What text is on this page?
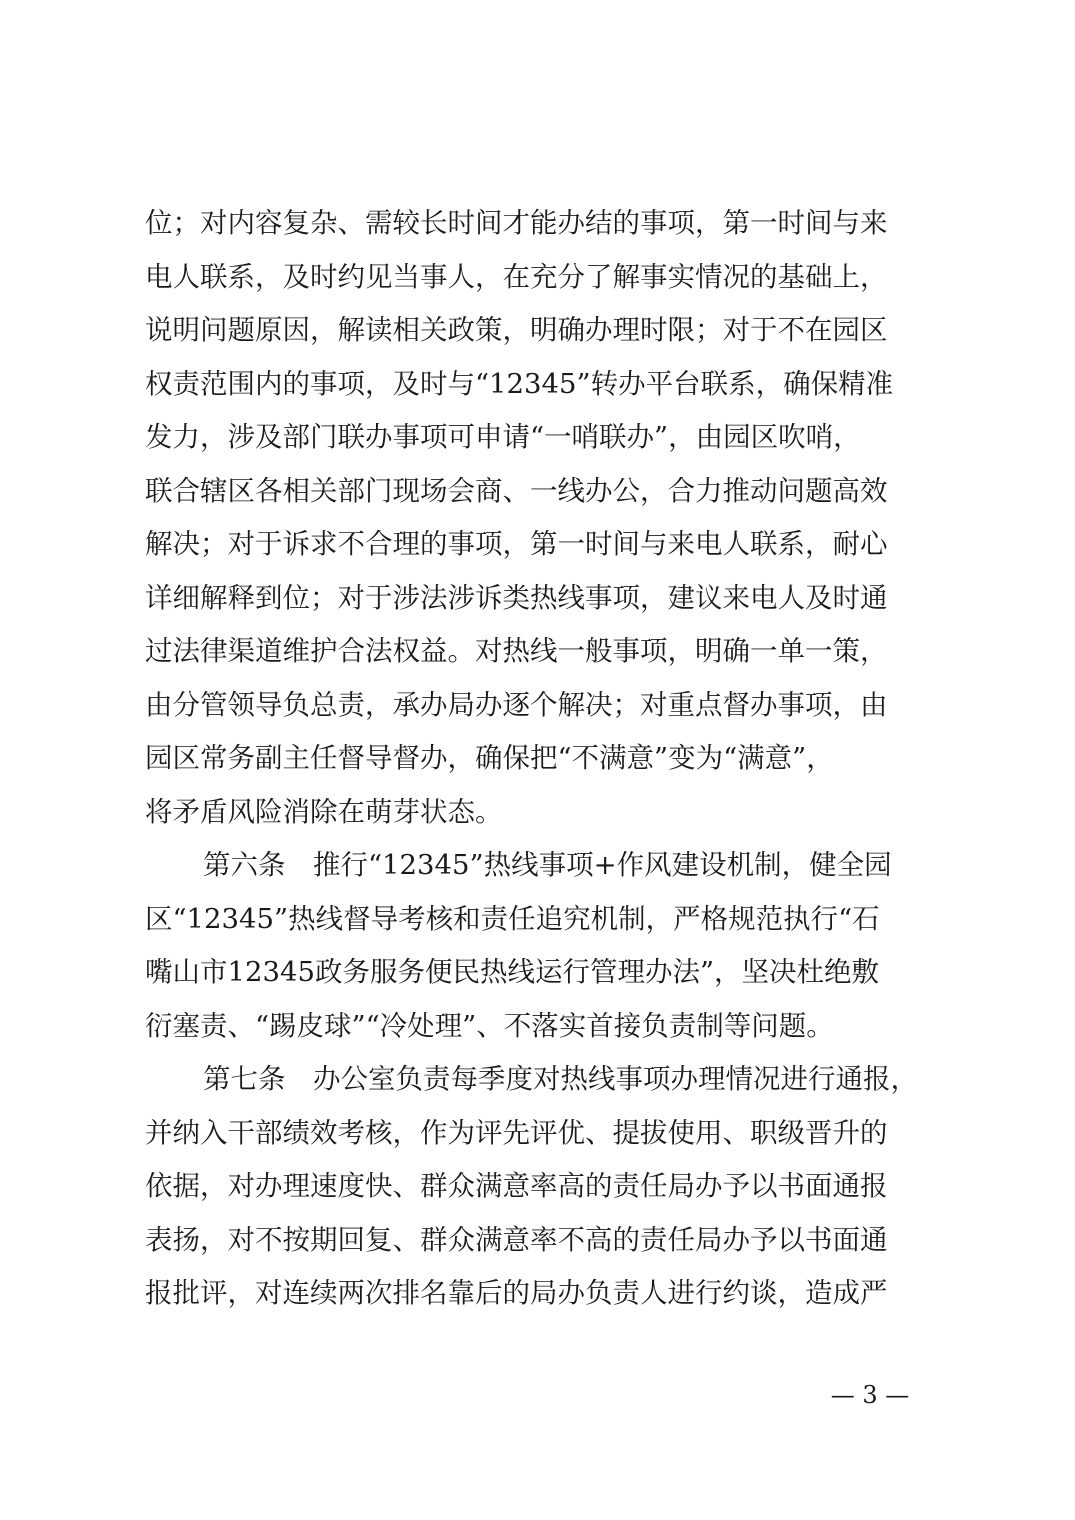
位；对内容复杂、需较长时间才能办结的事项，第一时间与来
电人联系，及时约见当事人，在充分了解事实情况的基础上，
说明问题原因，解读相关政策，明确办理时限；对于不在园区
权责范围内的事项，及时与“12345”转办平台联系，确保精准
发力，涉及部门联办事项可申请“一哨联办”，由园区吹哨，
联合辖区各相关部门现场会商、一线办公，合力推动问题高效
解决；对于诉求不合理的事项，第一时间与来电人联系，耐心
详细解释到位；对于涉法涉诉类热线事项，建议来电人及时通
过法律渠道维护合法权益。对热线一般事项，明确一单一策，
由分管领导负总责，承办局办逐个解决；对重点督办事项，由
园区常务副主任督导督办，确保把“不满意”变为“满意”，
将矛盾风险消除在萌芽状态。
第六条　推行“12345”热线事项+作风建设机制，健全园
区“12345”热线督导考核和责任追究机制，严格规范执行“石
嘴山市12345政务服务便民热线运行管理办法”，坚决杜绝敷
衍塞责、“踢皮球”“冷处理”、不落实首接负责制等问题。
第七条　办公室负责每季度对热线事项办理情况进行通报，
并纳入干部绩效考核，作为评先评优、提拔使用、职级晋升的
依据，对办理速度快、群众满意率高的责任局办予以书面通报
表扬，对不按期回复、群众满意率不高的责任局办予以书面通
报批评，对连续两次排名靠后的局办负责人进行约谈，造成严
— 3 —
